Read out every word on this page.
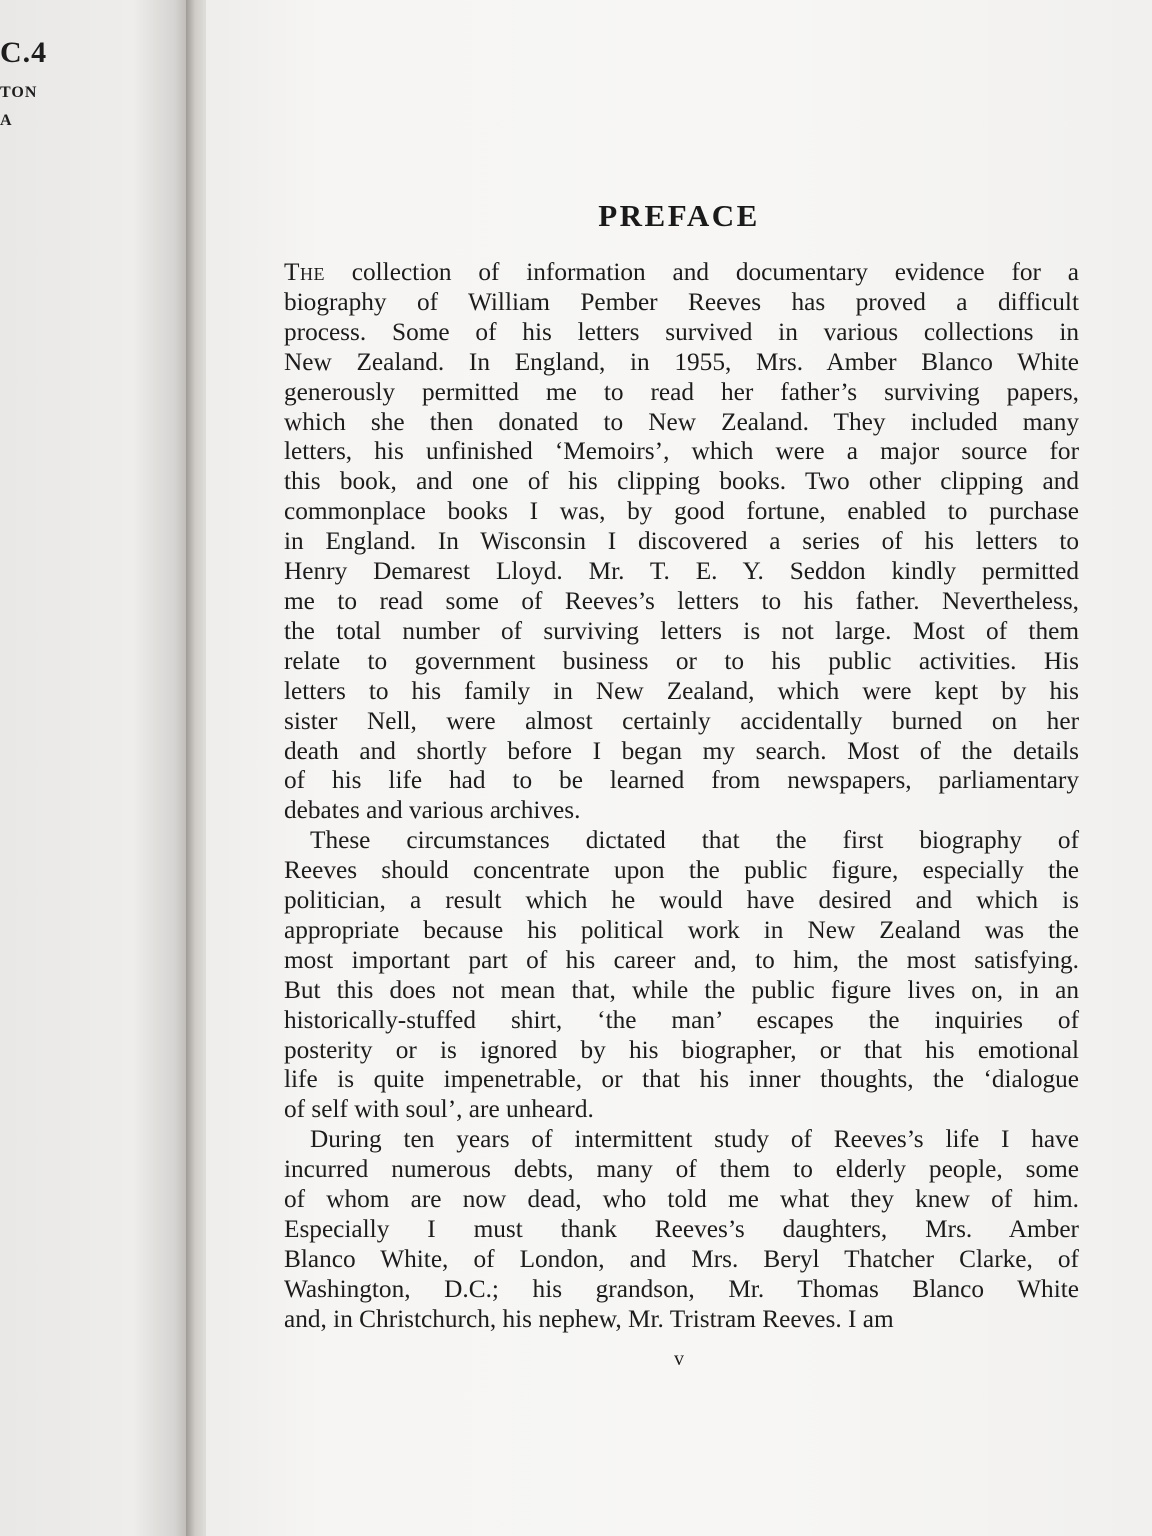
C.4
TON
A
PREFACE
The collection of information and documentary evidence for a
biography of William Pember Reeves has proved a difficult
process. Some of his letters survived in various collections in
New Zealand. In England, in 1955, Mrs. Amber Blanco White
generously permitted me to read her father’s surviving papers,
which she then donated to New Zealand. They included many
letters, his unfinished ‘Memoirs’, which were a major source for
this book, and one of his clipping books. Two other clipping and
commonplace books I was, by good fortune, enabled to purchase
in England. In Wisconsin I discovered a series of his letters to
Henry Demarest Lloyd. Mr. T. E. Y. Seddon kindly permitted
me to read some of Reeves’s letters to his father. Nevertheless,
the total number of surviving letters is not large. Most of them
relate to government business or to his public activities. His
letters to his family in New Zealand, which were kept by his
sister Nell, were almost certainly accidentally burned on her
death and shortly before I began my search. Most of the details
of his life had to be learned from newspapers, parliamentary
debates and various archives.
These circumstances dictated that the first biography of
Reeves should concentrate upon the public figure, especially the
politician, a result which he would have desired and which is
appropriate because his political work in New Zealand was the
most important part of his career and, to him, the most satisfying.
But this does not mean that, while the public figure lives on, in an
historically-stuffed shirt, ‘the man’ escapes the inquiries of
posterity or is ignored by his biographer, or that his emotional
life is quite impenetrable, or that his inner thoughts, the ‘dialogue
of self with soul’, are unheard.
During ten years of intermittent study of Reeves’s life I have
incurred numerous debts, many of them to elderly people, some
of whom are now dead, who told me what they knew of him.
Especially I must thank Reeves’s daughters, Mrs. Amber
Blanco White, of London, and Mrs. Beryl Thatcher Clarke, of
Washington, D.C.; his grandson, Mr. Thomas Blanco White
and, in Christchurch, his nephew, Mr. Tristram Reeves. I am
v
